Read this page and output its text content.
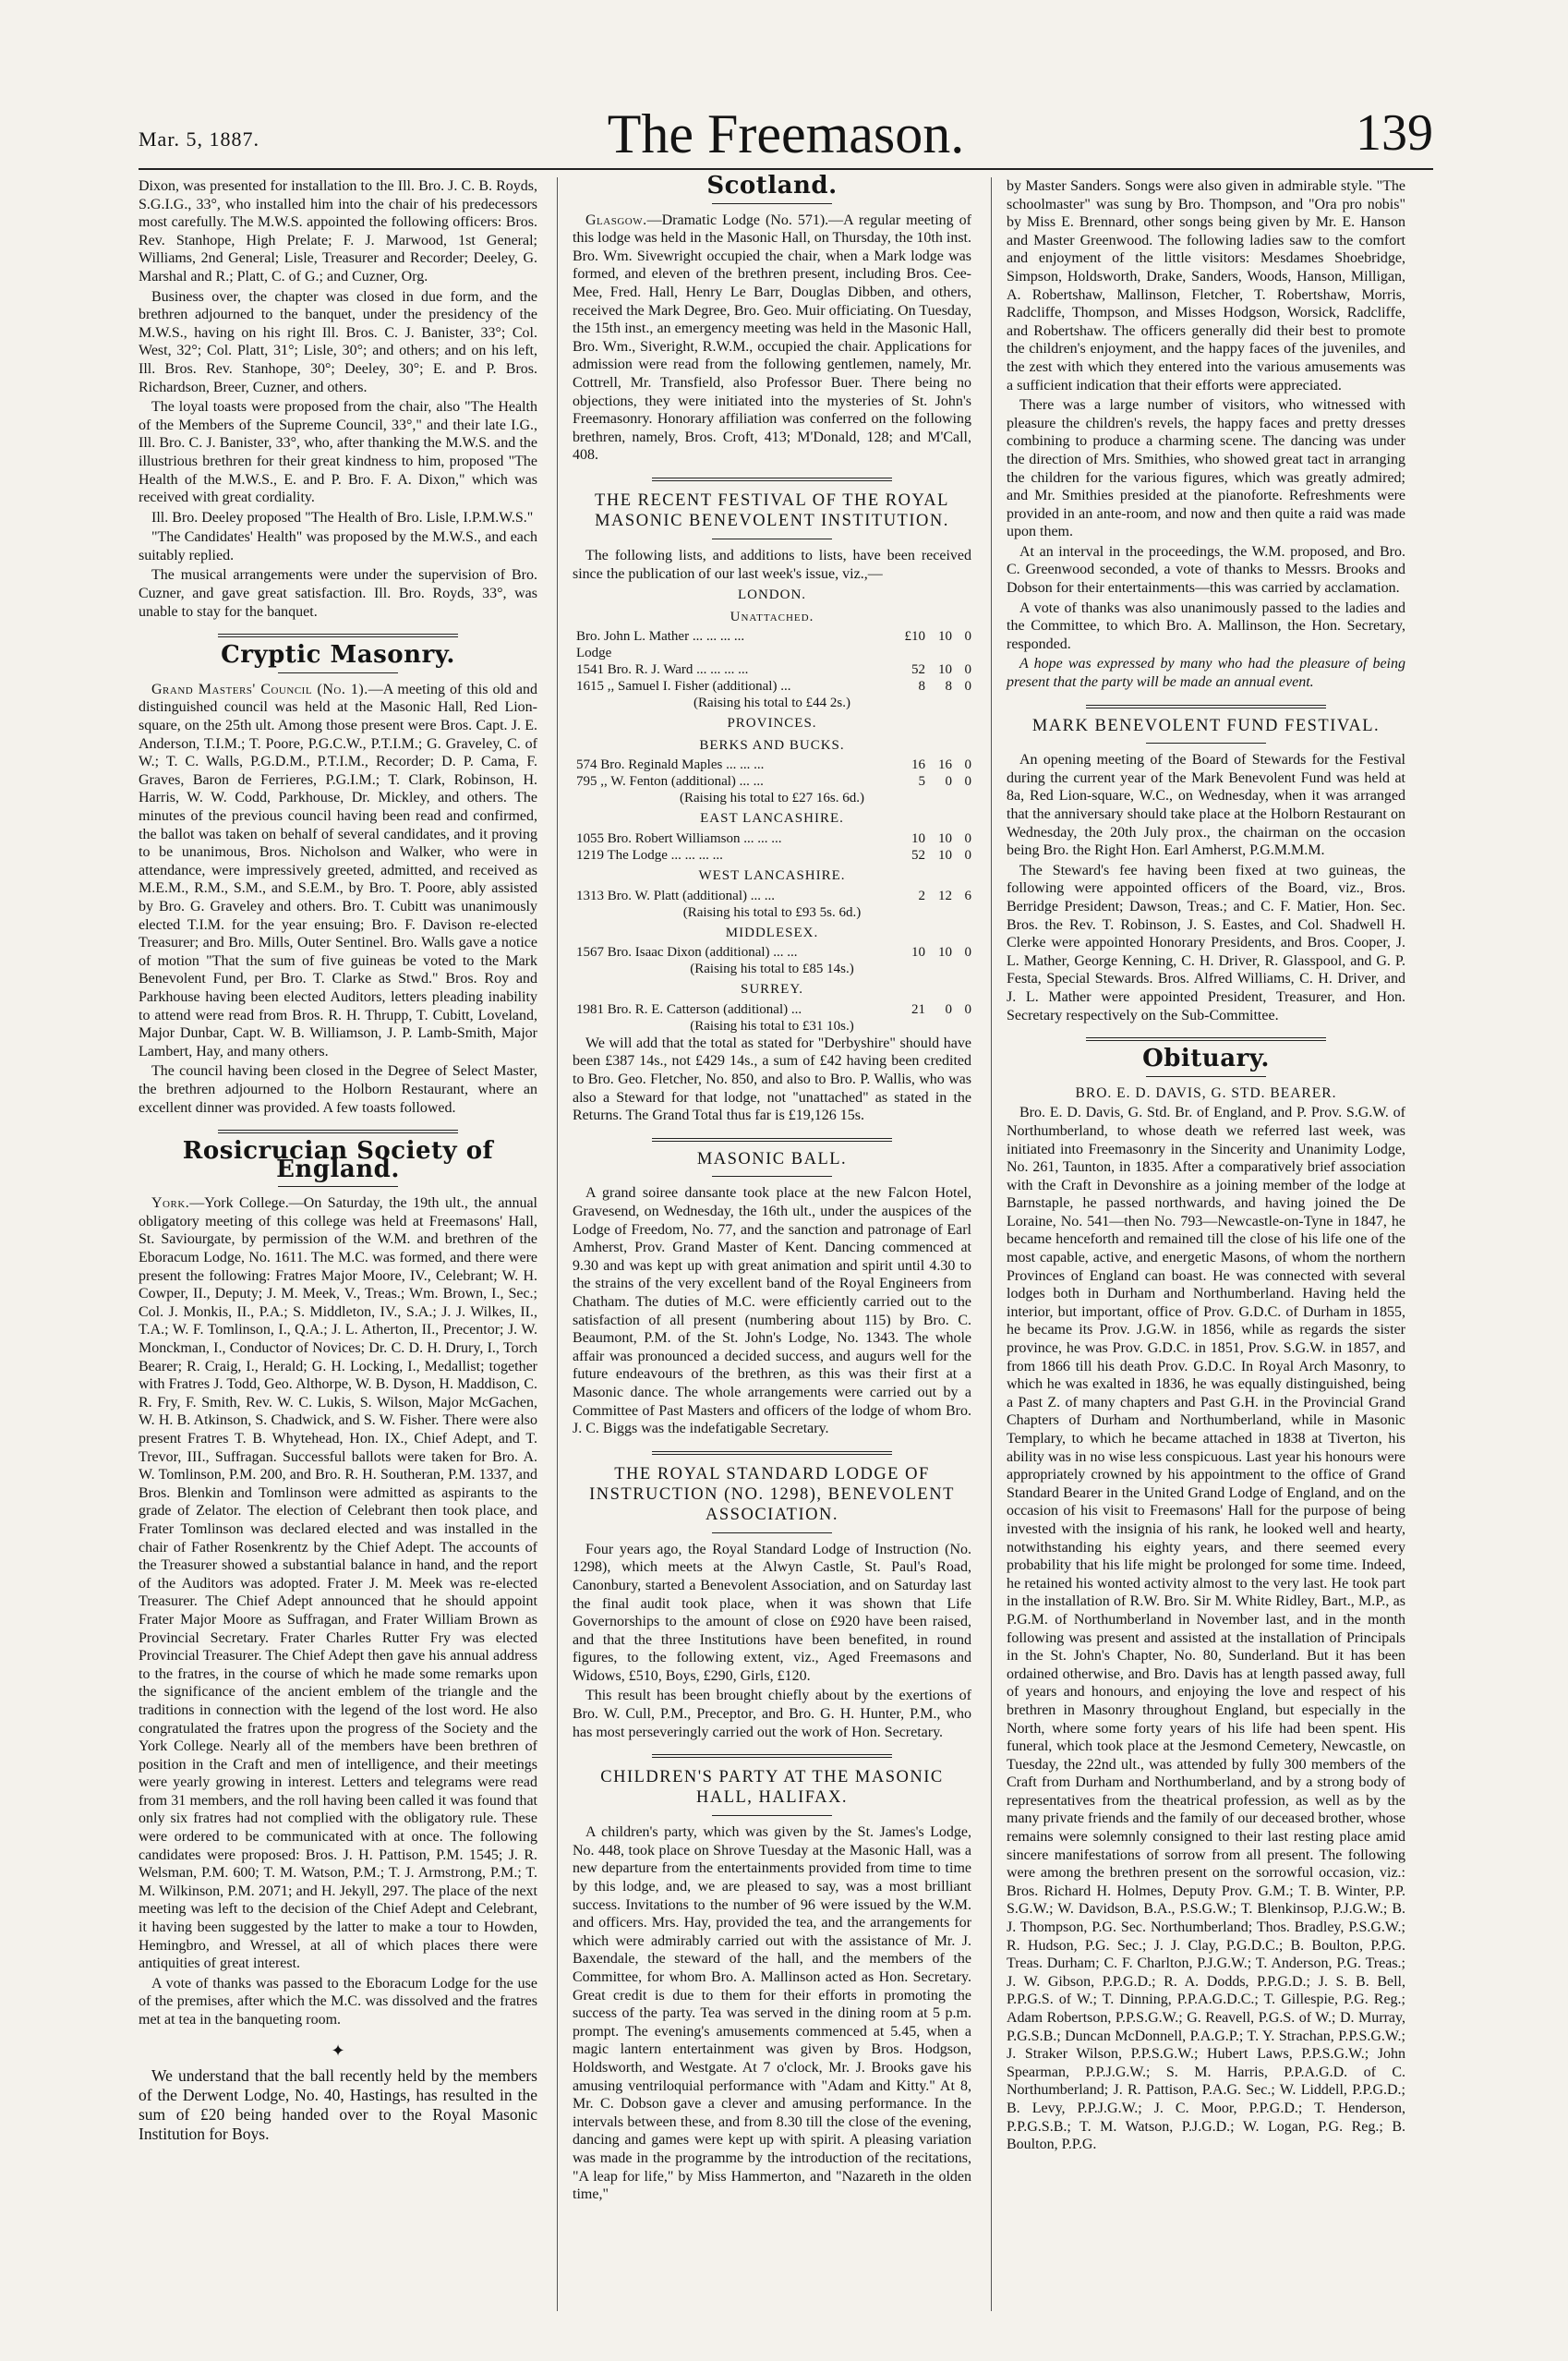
Mar. 5, 1887.	The Freemason.	139

Dixon, was presented for installation to the Ill. Bro. J. C. B. Royds, S.G.I.G., 33°, who installed him into the chair of his predecessors most carefully. The M.W.S. appointed the following officers: Bros. Rev. Stanhope, High Prelate; F. J. Marwood, 1st General; Williams, 2nd General; Lisle, Treasurer and Recorder; Deeley, G. Marshal and R.; Platt, C. of G.; and Cuzner, Org.

Business over, the chapter was closed in due form, and the brethren adjourned to the banquet, under the presidency of the M.W.S., having on his right Ill. Bros. C. J. Banister, 33°; Col. West, 32°; Col. Platt, 31°; Lisle, 30°; and others; and on his left, Ill. Bros. Rev. Stanhope, 30°; Deeley, 30°; E. and P. Bros. Richardson, Breer, Cuzner, and others.

The loyal toasts were proposed from the chair, also "The Health of the Members of the Supreme Council, 33°," and their late I.G., Ill. Bro. C. J. Banister, 33°, who, after thanking the M.W.S. and the illustrious brethren for their great kindness to him, proposed "The Health of the M.W.S., E. and P. Bro. F. A. Dixon," which was received with great cordiality.

Ill. Bro. Deeley proposed "The Health of Bro. Lisle, I.P.M.W.S."

"The Candidates' Health" was proposed by the M.W.S., and each suitably replied.

The musical arrangements were under the supervision of Bro. Cuzner, and gave great satisfaction. Ill. Bro. Royds, 33°, was unable to stay for the banquet.

Cryptic Masonry.

Grand Masters' Council (No. 1).—A meeting of this old and distinguished council was held at the Masonic Hall, Red Lion-square, on the 25th ult. Among those present were Bros. Capt. J. E. Anderson, T.I.M.; T. Poore, P.G.C.W., P.T.I.M.; G. Graveley, C. of W.; T. C. Walls, P.G.D.M., P.T.I.M., Recorder; D. P. Cama, F. Graves, Baron de Ferrieres, P.G.I.M.; T. Clark, Robinson, H. Harris, W. W. Codd, Parkhouse, Dr. Mickley, and others. The minutes of the previous council having been read and confirmed, the ballot was taken on behalf of several candidates, and it proving to be unanimous, Bros. Nicholson and Walker, who were in attendance, were impressively greeted, admitted, and received as M.E.M., R.M., S.M., and S.E.M., by Bro. T. Poore, ably assisted by Bro. G. Graveley and others. Bro. T. Cubitt was unanimously elected T.I.M. for the year ensuing; Bro. F. Davison re-elected Treasurer; and Bro. Mills, Outer Sentinel. Bro. Walls gave a notice of motion "That the sum of five guineas be voted to the Mark Benevolent Fund, per Bro. T. Clarke as Stwd." Bros. Roy and Parkhouse having been elected Auditors, letters pleading inability to attend were read from Bros. R. H. Thrupp, T. Cubitt, Loveland, Major Dunbar, Capt. W. B. Williamson, J. P. Lamb-Smith, Major Lambert, Hay, and many others.

The council having been closed in the Degree of Select Master, the brethren adjourned to the Holborn Restaurant, where an excellent dinner was provided. A few toasts followed.

Rosicrucian Society of England.

York.—York College.—On Saturday, the 19th ult., the annual obligatory meeting of this college was held at Freemasons' Hall, St. Saviourgate, by permission of the W.M. and brethren of the Eboracum Lodge, No. 1611. The M.C. was formed, and there were present the following: Fratres Major Moore, IV., Celebrant; W. H. Cowper, II., Deputy; J. M. Meek, V., Treas.; Wm. Brown, I., Sec.; Col. J. Monkis, II., P.A.; S. Middleton, IV., S.A.; J. J. Wilkes, II., T.A.; W. F. Tomlinson, I., Q.A.; J. L. Atherton, II., Precentor; J. W. Monckman, I., Conductor of Novices; Dr. C. D. H. Drury, I., Torch Bearer; R. Craig, I., Herald; G. H. Locking, I., Medallist; together with Fratres J. Todd, Geo. Althorpe, W. B. Dyson, H. Maddison, C. R. Fry, F. Smith, Rev. W. C. Lukis, S. Wilson, Major McGachen, W. H. B. Atkinson, S. Chadwick, and S. W. Fisher. There were also present Fratres T. B. Whytehead, Hon. IX., Chief Adept, and T. Trevor, III., Suffragan. Successful ballots were taken for Bro. A. W. Tomlinson, P.M. 200, and Bro. R. H. Southeran, P.M. 1337, and Bros. Blenkin and Tomlinson were admitted as aspirants to the grade of Zelator. The election of Celebrant then took place, and Frater Tomlinson was declared elected and was installed in the chair of Father Rosenkrentz by the Chief Adept. The accounts of the Treasurer showed a substantial balance in hand, and the report of the Auditors was adopted. Frater J. M. Meek was re-elected Treasurer. The Chief Adept announced that he should appoint Frater Major Moore as Suffragan, and Frater William Brown as Provincial Secretary. Frater Charles Rutter Fry was elected Provincial Treasurer. The Chief Adept then gave his annual address to the fratres, in the course of which he made some remarks upon the significance of the ancient emblem of the triangle and the traditions in connection with the legend of the lost word. He also congratulated the fratres upon the progress of the Society and the York College. Nearly all of the members have been brethren of position in the Craft and men of intelligence, and their meetings were yearly growing in interest. Letters and telegrams were read from 31 members, and the roll having been called it was found that only six fratres had not complied with the obligatory rule. These were ordered to be communicated with at once. The following candidates were proposed: Bros. J. H. Pattison, P.M. 1545; J. R. Welsman, P.M. 600; T. M. Watson, P.M.; T. J. Armstrong, P.M.; T. M. Wilkinson, P.M. 2071; and H. Jekyll, 297. The place of the next meeting was left to the decision of the Chief Adept and Celebrant, it having been suggested by the latter to make a tour to Howden, Hemingbro, and Wressel, at all of which places there were antiquities of great interest.

A vote of thanks was passed to the Eboracum Lodge for the use of the premises, after which the M.C. was dissolved and the fratres met at tea in the banqueting room.

✦

We understand that the ball recently held by the members of the Derwent Lodge, No. 40, Hastings, has resulted in the sum of £20 being handed over to the Royal Masonic Institution for Boys.

Scotland.

Glasgow.—Dramatic Lodge (No. 571).—A regular meeting of this lodge was held in the Masonic Hall, on Thursday, the 10th inst. Bro. Wm. Sivewright occupied the chair, when a Mark lodge was formed, and eleven of the brethren present, including Bros. Cee-Mee, Fred. Hall, Henry Le Barr, Douglas Dibben, and others, received the Mark Degree, Bro. Geo. Muir officiating. On Tuesday, the 15th inst., an emergency meeting was held in the Masonic Hall, Bro. Wm., Siveright, R.W.M., occupied the chair. Applications for admission were read from the following gentlemen, namely, Mr. Cottrell, Mr. Transfield, also Professor Buer. There being no objections, they were initiated into the mysteries of St. John's Freemasonry. Honorary affiliation was conferred on the following brethren, namely, Bros. Croft, 413; M'Donald, 128; and M'Call, 408.

THE RECENT FESTIVAL OF THE ROYAL MASONIC BENEVOLENT INSTITUTION.

The following lists, and additions to lists, have been received since the publication of our last week's issue, viz.,—

LONDON.
Unattached.
Bro. John L. Mather ... ... ... ...	£10 10 0
Lodge
1541 Bro. R. J. Ward ... ... ... ...	52 10 0
1615 ,, Samuel I. Fisher (additional) ...	8	8 0
(Raising his total to £44 2s.)
PROVINCES.
BERKS AND BUCKS.
574 Bro. Reginald Maples ... ... ...	16 16 0
795 ,, W. Fenton (additional) ... ...	5	0 0
(Raising his total to £27 16s. 6d.)
EAST LANCASHIRE.
1055 Bro. Robert Williamson ... ... ...	10 10 0
1219 The Lodge ... ... ... ...	52 10 0
WEST LANCASHIRE.
1313 Bro. W. Platt (additional) ... ...	2 12 6
(Raising his total to £93 5s. 6d.)
MIDDLESEX.
1567 Bro. Isaac Dixon (additional) ... ...	10 10 0
(Raising his total to £85 14s.)
SURREY.
1981 Bro. R. E. Catterson (additional) ...	21	0 0
(Raising his total to £31 10s.)

We will add that the total as stated for "Derbyshire" should have been £387 14s., not £429 14s., a sum of £42 having been credited to Bro. Geo. Fletcher, No. 850, and also to Bro. P. Wallis, who was also a Steward for that lodge, not "unattached" as stated in the Returns. The Grand Total thus far is £19,126 15s.

MASONIC BALL.

A grand soiree dansante took place at the new Falcon Hotel, Gravesend, on Wednesday, the 16th ult., under the auspices of the Lodge of Freedom, No. 77, and the sanction and patronage of Earl Amherst, Prov. Grand Master of Kent. Dancing commenced at 9.30 and was kept up with great animation and spirit until 4.30 to the strains of the very excellent band of the Royal Engineers from Chatham. The duties of M.C. were efficiently carried out to the satisfaction of all present (numbering about 115) by Bro. C. Beaumont, P.M. of the St. John's Lodge, No. 1343. The whole affair was pronounced a decided success, and augurs well for the future endeavours of the brethren, as this was their first at a Masonic dance. The whole arrangements were carried out by a Committee of Past Masters and officers of the lodge of whom Bro. J. C. Biggs was the indefatigable Secretary.

THE ROYAL STANDARD LODGE OF INSTRUCTION (NO. 1298), BENEVOLENT ASSOCIATION.

Four years ago, the Royal Standard Lodge of Instruction (No. 1298), which meets at the Alwyn Castle, St. Paul's Road, Canonbury, started a Benevolent Association, and on Saturday last the final audit took place, when it was shown that Life Governorships to the amount of close on £920 have been raised, and that the three Institutions have been benefited, in round figures, to the following extent, viz., Aged Freemasons and Widows, £510, Boys, £290, Girls, £120.

This result has been brought chiefly about by the exertions of Bro. W. Cull, P.M., Preceptor, and Bro. G. H. Hunter, P.M., who has most perseveringly carried out the work of Hon. Secretary.

CHILDREN'S PARTY AT THE MASONIC HALL, HALIFAX.

A children's party, which was given by the St. James's Lodge, No. 448, took place on Shrove Tuesday at the Masonic Hall, was a new departure from the entertainments provided from time to time by this lodge, and, we are pleased to say, was a most brilliant success. Invitations to the number of 96 were issued by the W.M. and officers. Mrs. Hay, provided the tea, and the arrangements for which were admirably carried out with the assistance of Mr. J. Baxendale, the steward of the hall, and the members of the Committee, for whom Bro. A. Mallinson acted as Hon. Secretary. Great credit is due to them for their efforts in promoting the success of the party. Tea was served in the dining room at 5 p.m. prompt. The evening's amusements commenced at 5.45, when a magic lantern entertainment was given by Bros. Hodgson, Holdsworth, and Westgate. At 7 o'clock, Mr. J. Brooks gave his amusing ventriloquial performance with "Adam and Kitty." At 8, Mr. C. Dobson gave a clever and amusing performance. In the intervals between these, and from 8.30 till the close of the evening, dancing and games were kept up with spirit. A pleasing variation was made in the programme by the introduction of the recitations, "A leap for life," by Miss Hammerton, and "Nazareth in the olden time,"

by Master Sanders. Songs were also given in admirable style. "The schoolmaster" was sung by Bro. Thompson, and "Ora pro nobis" by Miss E. Brennard, other songs being given by Mr. E. Hanson and Master Greenwood. The following ladies saw to the comfort and enjoyment of the little visitors: Mesdames Shoebridge, Simpson, Holdsworth, Drake, Sanders, Woods, Hanson, Milligan, A. Robertshaw, Mallinson, Fletcher, T. Robertshaw, Morris, Radcliffe, Thompson, and Misses Hodgson, Worsick, Radcliffe, and Robertshaw. The officers generally did their best to promote the children's enjoyment, and the happy faces of the juveniles, and the zest with which they entered into the various amusements was a sufficient indication that their efforts were appreciated.

There was a large number of visitors, who witnessed with pleasure the children's revels, the happy faces and pretty dresses combining to produce a charming scene. The dancing was under the direction of Mrs. Smithies, who showed great tact in arranging the children for the various figures, which was greatly admired; and Mr. Smithies presided at the pianoforte. Refreshments were provided in an ante-room, and now and then quite a raid was made upon them.

At an interval in the proceedings, the W.M. proposed, and Bro. C. Greenwood seconded, a vote of thanks to Messrs. Brooks and Dobson for their entertainments—this was carried by acclamation.

A vote of thanks was also unanimously passed to the ladies and the Committee, to which Bro. A. Mallinson, the Hon. Secretary, responded.

A hope was expressed by many who had the pleasure of being present that the party will be made an annual event.

MARK BENEVOLENT FUND FESTIVAL.

An opening meeting of the Board of Stewards for the Festival during the current year of the Mark Benevolent Fund was held at 8a, Red Lion-square, W.C., on Wednesday, when it was arranged that the anniversary should take place at the Holborn Restaurant on Wednesday, the 20th July prox., the chairman on the occasion being Bro. the Right Hon. Earl Amherst, P.G.M.M.M.

The Steward's fee having been fixed at two guineas, the following were appointed officers of the Board, viz., Bros. Berridge President; Dawson, Treas.; and C. F. Matier, Hon. Sec. Bros. the Rev. T. Robinson, J. S. Eastes, and Col. Shadwell H. Clerke were appointed Honorary Presidents, and Bros. Cooper, J. L. Mather, George Kenning, C. H. Driver, R. Glasspool, and G. P. Festa, Special Stewards. Bros. Alfred Williams, C. H. Driver, and J. L. Mather were appointed President, Treasurer, and Hon. Secretary respectively on the Sub-Committee.

Obituary.
BRO. E. D. DAVIS, G. STD. BEARER.

Bro. E. D. Davis, G. Std. Br. of England, and P. Prov. S.G.W. of Northumberland, to whose death we referred last week, was initiated into Freemasonry in the Sincerity and Unanimity Lodge, No. 261, Taunton, in 1835. After a comparatively brief association with the Craft in Devonshire as a joining member of the lodge at Barnstaple, he passed northwards, and having joined the De Loraine, No. 541—then No. 793—Newcastle-on-Tyne in 1847, he became henceforth and remained till the close of his life one of the most capable, active, and energetic Masons, of whom the northern Provinces of England can boast. He was connected with several lodges both in Durham and Northumberland. Having held the interior, but important, office of Prov. G.D.C. of Durham in 1855, he became its Prov. J.G.W. in 1856, while as regards the sister province, he was Prov. G.D.C. in 1851, Prov. S.G.W. in 1857, and from 1866 till his death Prov. G.D.C. In Royal Arch Masonry, to which he was exalted in 1836, he was equally distinguished, being a Past Z. of many chapters and Past G.H. in the Provincial Grand Chapters of Durham and Northumberland, while in Masonic Templary, to which he became attached in 1838 at Tiverton, his ability was in no wise less conspicuous. Last year his honours were appropriately crowned by his appointment to the office of Grand Standard Bearer in the United Grand Lodge of England, and on the occasion of his visit to Freemasons' Hall for the purpose of being invested with the insignia of his rank, he looked well and hearty, notwithstanding his eighty years, and there seemed every probability that his life might be prolonged for some time. Indeed, he retained his wonted activity almost to the very last. He took part in the installation of R.W. Bro. Sir M. White Ridley, Bart., M.P., as P.G.M. of Northumberland in November last, and in the month following was present and assisted at the installation of Principals in the St. John's Chapter, No. 80, Sunderland. But it has been ordained otherwise, and Bro. Davis has at length passed away, full of years and honours, and enjoying the love and respect of his brethren in Masonry throughout England, but especially in the North, where some forty years of his life had been spent. His funeral, which took place at the Jesmond Cemetery, Newcastle, on Tuesday, the 22nd ult., was attended by fully 300 members of the Craft from Durham and Northumberland, and by a strong body of representatives from the theatrical profession, as well as by the many private friends and the family of our deceased brother, whose remains were solemnly consigned to their last resting place amid sincere manifestations of sorrow from all present. The following were among the brethren present on the sorrowful occasion, viz.: Bros. Richard H. Holmes, Deputy Prov. G.M.; T. B. Winter, P.P. S.G.W.; W. Davidson, B.A., P.S.G.W.; T. Blenkinsop, P.J.G.W.; B. J. Thompson, P.G. Sec. Northumberland; Thos. Bradley, P.S.G.W.; R. Hudson, P.G. Sec.; J. J. Clay, P.G.D.C.; B. Boulton, P.P.G. Treas. Durham; C. F. Charlton, P.J.G.W.; T. Anderson, P.G. Treas.; J. W. Gibson, P.P.G.D.; R. A. Dodds, P.P.G.D.; J. S. B. Bell, P.P.G.S. of W.; T. Dinning, P.P.A.G.D.C.; T. Gillespie, P.G. Reg.; Adam Robertson, P.P.S.G.W.; G. Reavell, P.G.S. of W.; D. Murray, P.G.S.B.; Duncan McDonnell, P.A.G.P.; T. Y. Strachan, P.P.S.G.W.; J. Straker Wilson, P.P.S.G.W.; Hubert Laws, P.P.S.G.W.; John Spearman, P.P.J.G.W.; S. M. Harris, P.P.A.G.D. of C. Northumberland; J. R. Pattison, P.A.G. Sec.; W. Liddell, P.P.G.D.; B. Levy, P.P.J.G.W.; J. C. Moor, P.P.G.D.; T. Henderson, P.P.G.S.B.; T. M. Watson, P.J.G.D.; W. Logan, P.G. Reg.; B. Boulton, P.P.G.
